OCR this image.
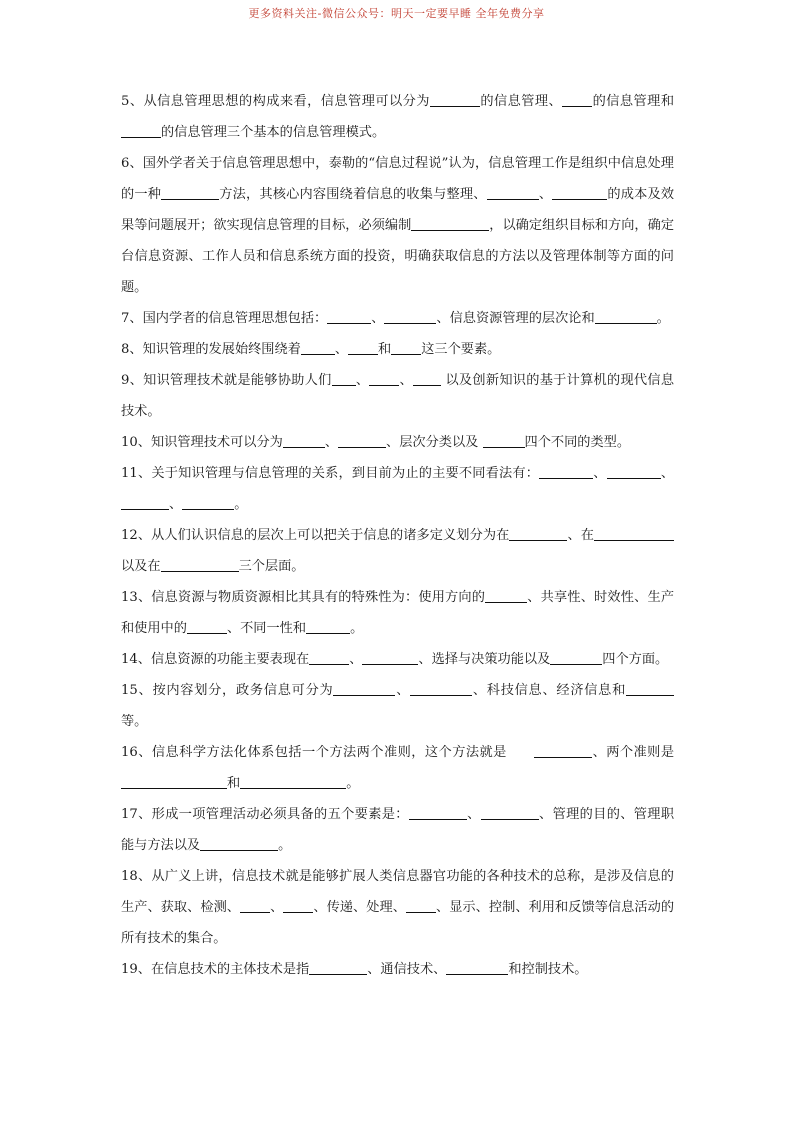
更多资料关注-微信公众号：明天一定要早睡 全年免费分享

5、从信息管理思想的构成来看，信息管理可以分为	的信息管理、 的信息管理和的信息管理三个基本的信息管理模式。

6、国外学者关于信息管理思想中，泰勒的“信息过程说”认为，信息管理工作是组织中信息处理的一种	方法，其核心内容围绕着信息的收集与整理、	、	的成本及效果等问题展开；欲实现信息管理的目标，必须编制	，以确定组织目标和方向，确定台信息资源、工作人员和信息系统方面的投资，明确获取信息的方法以及管理体制等方面的问题。

7、国内学者的信息管理思想包括：	、	、信息资源管理的层次论和	。

8、知识管理的发展始终围绕着	、 和 这三个要素。

9、知识管理技术就是能够协助人们 、 、 以及创新知识的基于计算机的现代信息技术。

10、知识管理技术可以分为	、	、层次分类以及	四个不同的类型。

11、关于知识管理与信息管理的关系，到目前为止的主要不同看法有：	、	、、	。

12、从人们认识信息的层次上可以把关于信息的诸多定义划分为在	、在以及在	三个层面。

13、信息资源与物质资源相比其具有的特殊性为：使用方向的	、共享性、时效性、生产和使用中的	、不同一性和	。

14、信息资源的功能主要表现在	、	、选择与决策功能以及	四个方面。

15、按内容划分，政务信息可分为	、	、科技信息、经济信息和等。

16、信息科学方法化体系包括一个方法两个准则，这个方法就是　　	、两个准则是和	。

17、形成一项管理活动必须具备的五个要素是：	、	、管理的目的、管理职能与方法以及	。

18、从广义上讲，信息技术就是能够扩展人类信息器官功能的各种技术的总称，是涉及信息的生产、获取、检测、 、 、传递、处理、 、显示、控制、利用和反馈等信息活动的所有技术的集合。

19、在信息技术的主体技术是指	、通信技术、	和控制技术。
